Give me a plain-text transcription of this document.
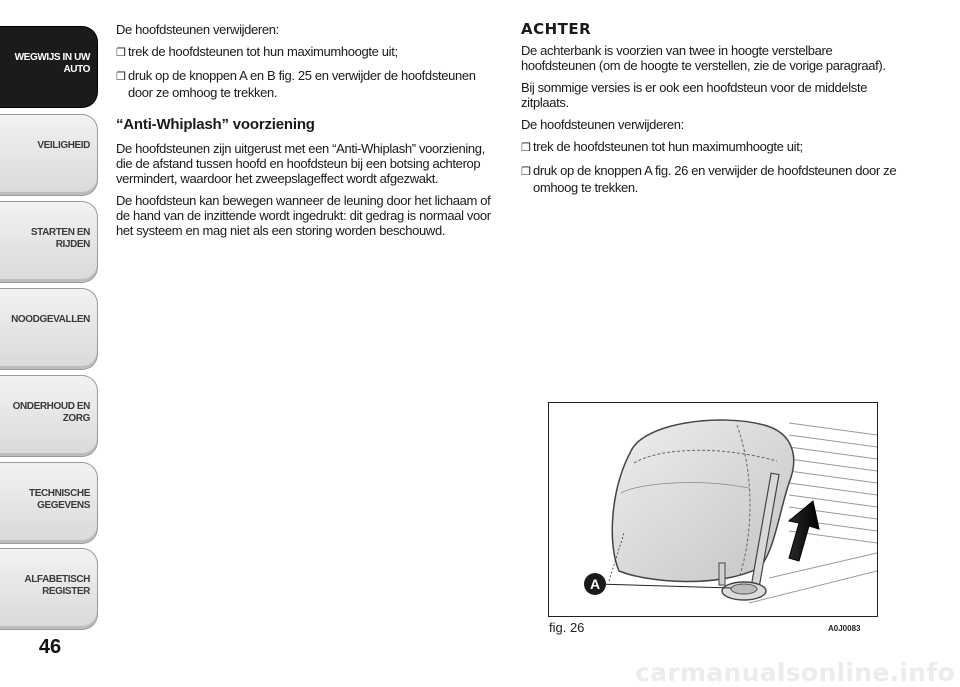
WEGWIJS IN UW AUTO
VEILIGHEID
STARTEN EN RIJDEN
NOODGEVALLEN
ONDERHOUD EN ZORG
TECHNISCHE GEGEVENS
ALFABETISCH REGISTER
46

De hoofdsteunen verwijderen:

❒ trek de hoofdsteunen tot hun maximumhoogte uit;

❒ druk op de knoppen A en B fig. 25 en verwijder de hoofdsteunen door ze omhoog te trekken.

“Anti-Whiplash” voorziening

De hoofdsteunen zijn uitgerust met een “Anti-Whiplash” voorziening, die de afstand tussen hoofd en hoofdsteun bij een botsing achterop vermindert, waardoor het zweepslageffect wordt afgezwakt.

De hoofdsteun kan bewegen wanneer de leuning door het lichaam of de hand van de inzittende wordt ingedrukt: dit gedrag is normaal voor het systeem en mag niet als een storing worden beschouwd.

ACHTER

De achterbank is voorzien van twee in hoogte verstelbare hoofdsteunen (om de hoogte te verstellen, zie de vorige paragraaf).

Bij sommige versies is er ook een hoofdsteun voor de middelste zitplaats.

De hoofdsteunen verwijderen:

❒ trek de hoofdsteunen tot hun maximumhoogte uit;

❒ druk op de knoppen A fig. 26 en verwijder de hoofdsteunen door ze omhoog te trekken.

A
fig. 26	A0J0083
carmanualsonline.info
